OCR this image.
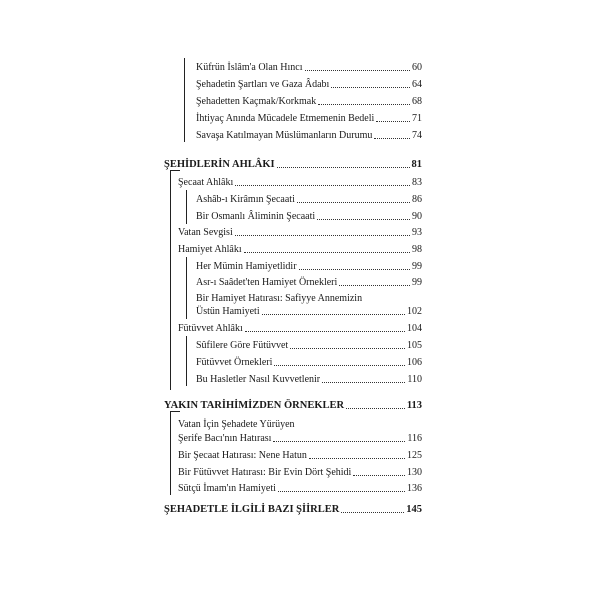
Küfrün İslâm'a Olan Hıncı	60
Şehadetin Şartları ve Gaza Âdabı	64
Şehadetten Kaçmak/Korkmak	68
İhtiyaç Anında Mücadele Etmemenin Bedeli	71
Savaşa Katılmayan Müslümanların Durumu	74
ŞEHİDLERİN AHLÂKI	81
Şecaat Ahlâkı	83
Ashâb-ı Kirâmın Şecaati	86
Bir Osmanlı Âliminin Şecaati	90
Vatan Sevgisi	93
Hamiyet Ahlâkı	98
Her Mümin Hamiyetlidir	99
Asr-ı Saâdet'ten Hamiyet Örnekleri	99
Bir Hamiyet Hatırası: Safiyye Annemizin
Üstün Hamiyeti	102
Fütüvvet Ahlâkı	104
Sûfilere Göre Fütüvvet	105
Fütüvvet Örnekleri	106
Bu Hasletler Nasıl Kuvvetlenir	110
YAKIN TARİHİMİZDEN ÖRNEKLER	113
Vatan İçin Şehadete Yürüyen
Şerife Bacı'nın Hatırası	116
Bir Şecaat Hatırası: Nene Hatun	125
Bir Fütüvvet Hatırası: Bir Evin Dört Şehidi	130
Sütçü İmam'ın Hamiyeti	136
ŞEHADETLE İLGİLİ BAZI ŞİİRLER	145
